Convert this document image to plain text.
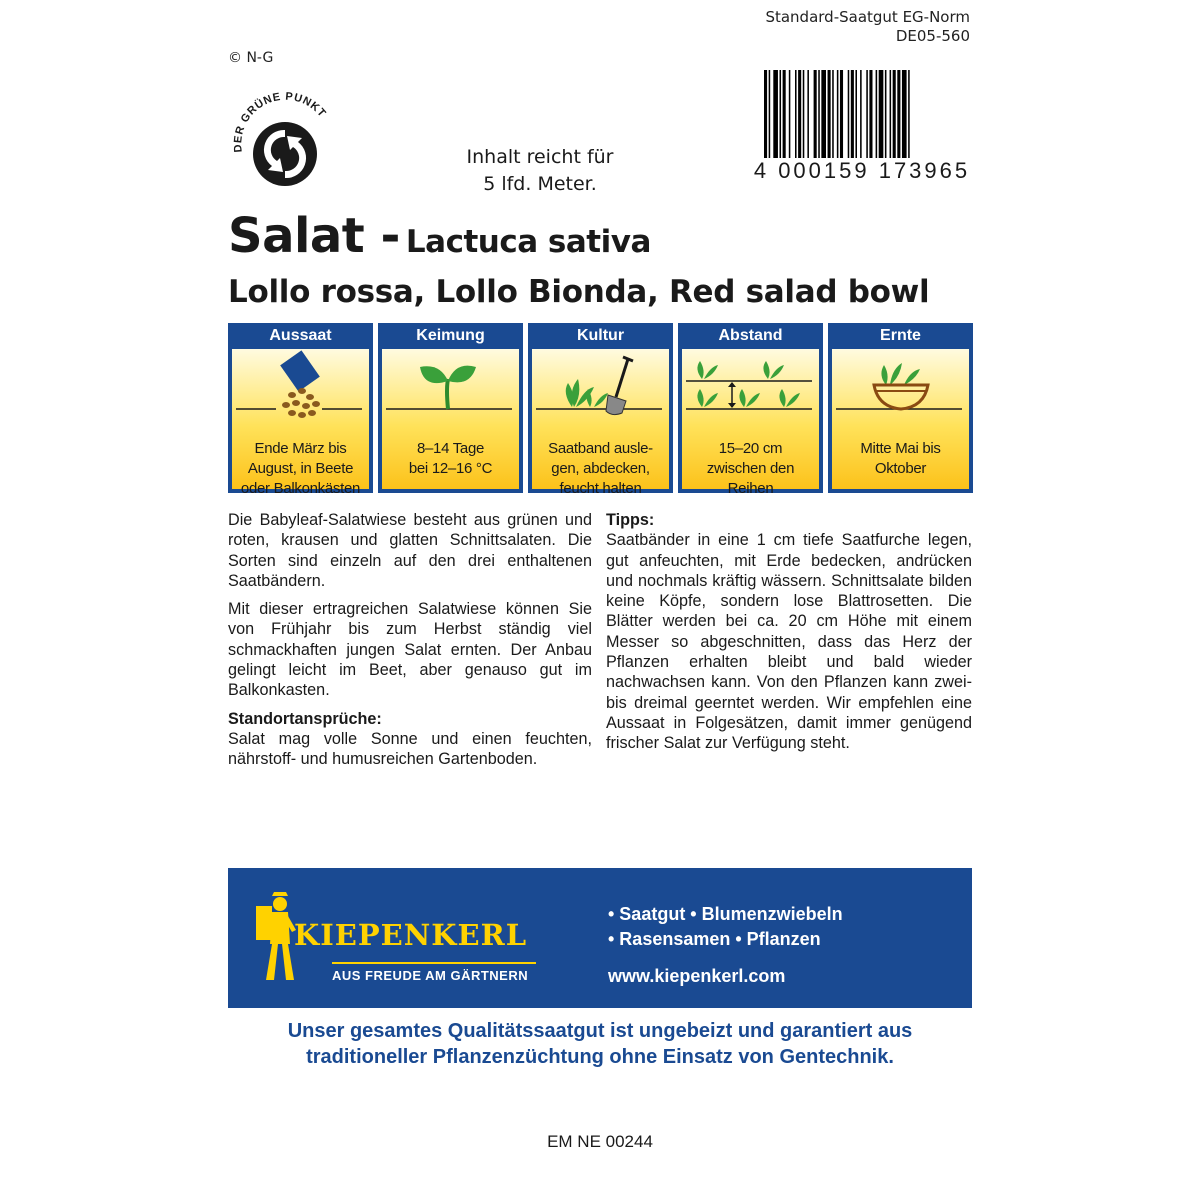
Standard-Saatgut EG-Norm
DE05-560
© N-G
DER GRÜNE PUNKT
4 000159 173965
Inhalt reicht für
5 lfd. Meter.
Salat - Lactuca sativa
Lollo rossa, Lollo Bionda, Red salad bowl
Aussaat
Ende März bis
August, in Beete
oder Balkonkästen
Keimung
8–14 Tage
bei 12–16 °C
Kultur
Saatband ausle-
gen, abdecken,
feucht halten
Abstand
15–20 cm
zwischen den
Reihen
Ernte
Mitte Mai bis
Oktober

Die Babyleaf-Salatwiese besteht aus grünen und roten, krausen und glatten Schnittsalaten. Die Sorten sind einzeln auf den drei enthaltenen Saatbändern.

Mit dieser ertragreichen Salatwiese können Sie von Frühjahr bis zum Herbst ständig viel schmackhaften jungen Salat ernten. Der Anbau gelingt leicht im Beet, aber genauso gut im Balkonkasten.

Standortansprüche:

Salat mag volle Sonne und einen feuchten, nährstoff- und humusreichen Gartenboden.

Tipps:

Saatbänder in eine 1 cm tiefe Saatfurche legen, gut anfeuchten, mit Erde bedecken, andrücken und nochmals kräftig wässern. Schnittsalate bilden keine Köpfe, sondern lose Blattrosetten. Die Blätter werden bei ca. 20 cm Höhe mit einem Messer so abgeschnitten, dass das Herz der Pflanzen erhalten bleibt und bald wieder nachwachsen kann. Von den Pflanzen kann zwei- bis dreimal geerntet werden. Wir empfehlen eine Aussaat in Folgesätzen, damit immer genügend frischer Salat zur Verfügung steht.

KIEPENKERL
AUS FREUDE AM GÄRTNERN
• Saatgut • Blumenzwiebeln
• Rasensamen • Pflanzen
www.kiepenkerl.com
Unser gesamtes Qualitätssaatgut ist ungebeizt und garantiert aus
traditioneller Pflanzenzüchtung ohne Einsatz von Gentechnik.
EM NE 00244
